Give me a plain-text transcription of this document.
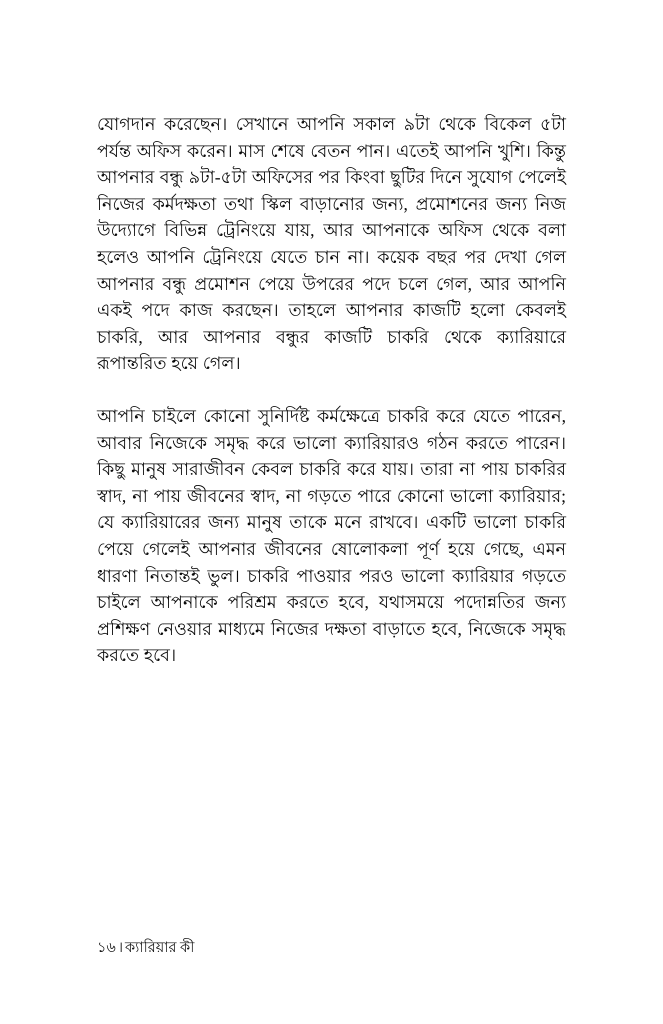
যোগদান করেছেন। সেখানে আপনি সকাল ৯টা থেকে বিকেল ৫টা পর্যন্ত অফিস করেন। মাস শেষে বেতন পান। এতেই আপনি খুশি। কিন্তু আপনার বন্ধু ৯টা-৫টা অফিসের পর কিংবা ছুটির দিনে সুযোগ পেলেই নিজের কর্মদক্ষতা তথা স্কিল বাড়ানোর জন্য, প্রমোশনের জন্য নিজ উদ্যোগে বিভিন্ন ট্রেনিংয়ে যায়, আর আপনাকে অফিস থেকে বলা হলেও আপনি ট্রেনিংয়ে যেতে চান না। কয়েক বছর পর দেখা গেল আপনার বন্ধু প্রমোশন পেয়ে উপরের পদে চলে গেল, আর আপনি একই পদে কাজ করছেন। তাহলে আপনার কাজটি হলো কেবলই চাকরি, আর আপনার বন্ধুর কাজটি চাকরি থেকে ক্যারিয়ারে রূপান্তরিত হয়ে গেল।

আপনি চাইলে কোনো সুনির্দিষ্ট কর্মক্ষেত্রে চাকরি করে যেতে পারেন, আবার নিজেকে সমৃদ্ধ করে ভালো ক্যারিয়ারও গঠন করতে পারেন। কিছু মানুষ সারাজীবন কেবল চাকরি করে যায়। তারা না পায় চাকরির স্বাদ, না পায় জীবনের স্বাদ, না গড়তে পারে কোনো ভালো ক্যারিয়ার; যে ক্যারিয়ারের জন্য মানুষ তাকে মনে রাখবে। একটি ভালো চাকরি পেয়ে গেলেই আপনার জীবনের ষোলোকলা পূর্ণ হয়ে গেছে, এমন ধারণা নিতান্তই ভুল। চাকরি পাওয়ার পরও ভালো ক্যারিয়ার গড়তে চাইলে আপনাকে পরিশ্রম করতে হবে, যথাসময়ে পদোন্নতির জন্য প্রশিক্ষণ নেওয়ার মাধ্যমে নিজের দক্ষতা বাড়াতে হবে, নিজেকে সমৃদ্ধ করতে হবে।

১৬ । ক্যারিয়ার কী
